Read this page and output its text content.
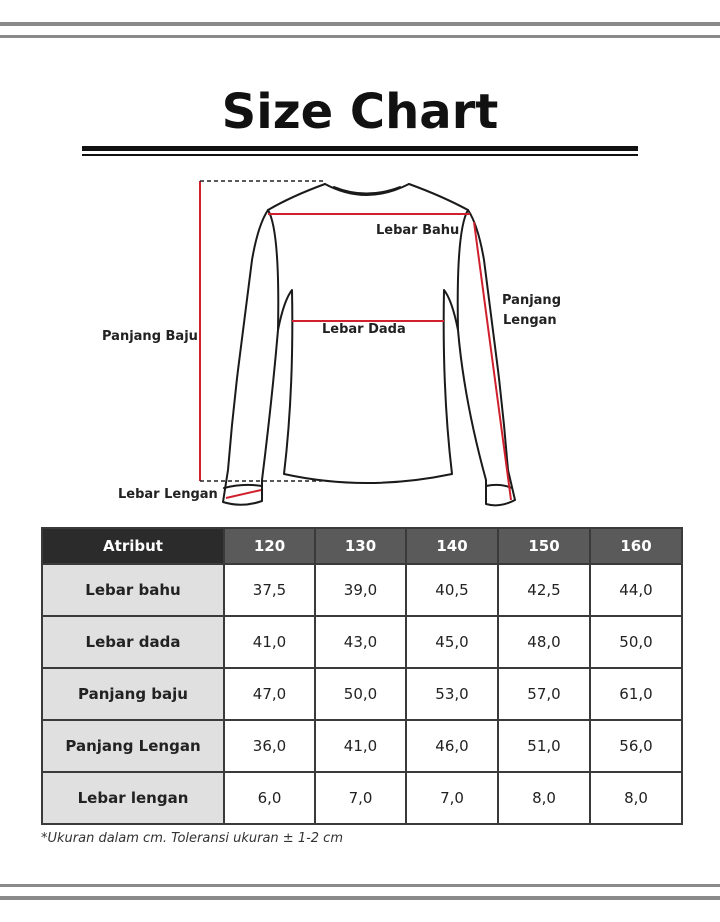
Size Chart
Lebar Bahu
Panjang
Lengan
Panjang Baju	Lebar Dada
Lebar Lengan
Atribut	120	130	140	150	160
Lebar bahu	37,5	39,0	40,5	42,5	44,0
Lebar dada	41,0	43,0	45,0	48,0	50,0
Panjang baju	47,0	50,0	53,0	57,0	61,0
Panjang Lengan	36,0	41,0	46,0	51,0	56,0
Lebar lengan	6,0	7,0	7,0	8,0	8,0
*Ukuran dalam cm. Toleransi ukuran ± 1-2 cm
